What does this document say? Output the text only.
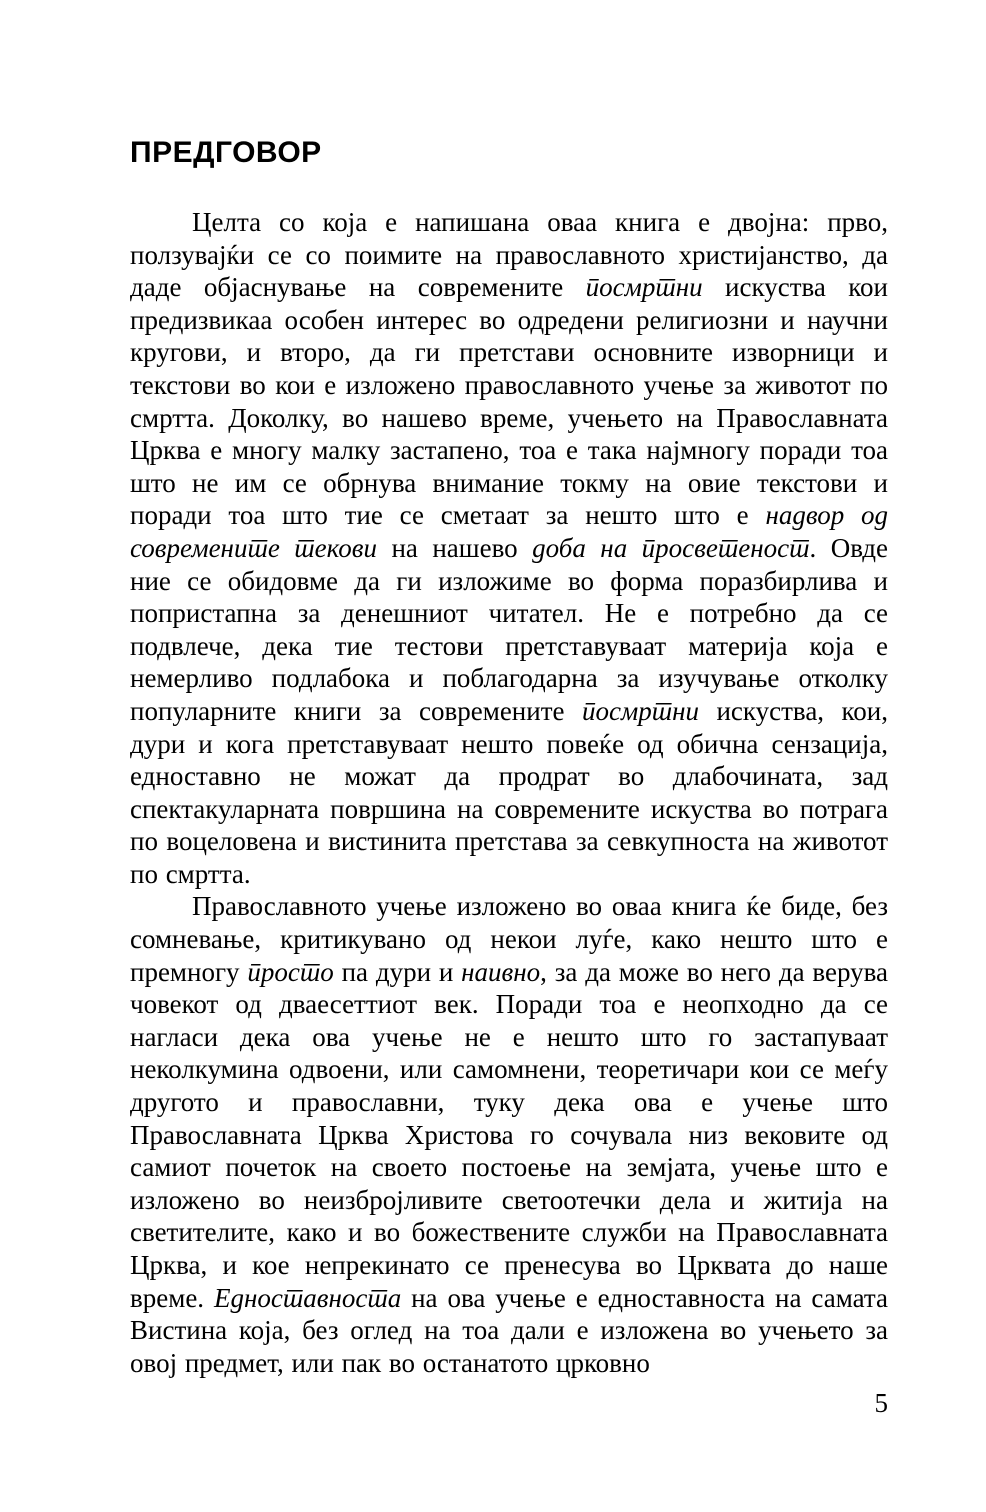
ПРЕДГОВОР

Целта со која е напишана оваа книга е двојна: прво, ползувајќи се со поимите на православното христијанство, да даде објаснување на современите посмртни искуства кои предизвикаа особен интерес во одредени религиозни и научни кругови, и второ, да ги претстави основните изворници и текстови во кои е изложено православното учење за животот по смртта. Доколку, во нашево време, учењето на Православната Црква е многу малку застапено, тоа е така најмногу поради тоа што не им се обрнува внимание токму на овие текстови и поради тоа што тие се сметаат за нешто што е надвор од современите текови на нашево доба на просветеност. Овде ние се обидовме да ги изложиме во форма поразбирлива и попристапна за денешниот читател. Не е потребно да се подвлече, дека тие тестови претставуваат материја која е немерливо подлабока и поблагодарна за изучување отколку популарните книги за современите посмртни искуства, кои, дури и кога претставуваат нешто повеќе од обична сензација, едноставно не можат да продрат во длабочината, зад спектакуларната површина на современите искуства во потрага по воцеловена и вистинита претстава за севкупноста на животот по смртта.

Православното учење изложено во оваа книга ќе биде, без сомневање, критикувано од некои луѓе, како нешто што е премногу просто па дури и наивно, за да може во него да верува човекот од дваесеттиот век. Поради тоа е неопходно да се нагласи дека ова учење не е нешто што го застапуваат неколкумина одвоени, или самомнени, теоретичари кои се меѓу другото и православни, туку дека ова е учење што Православната Црква Христова го сочувала низ вековите од самиот почеток на своето постоење на земјата, учење што е изложено во неизбројливите светоотечки дела и житија на светителите, како и во божествените служби на Православната Црква, и кое непрекинато се пренесува во Црквата до наше време. Едноставноста на ова учење е едноставноста на самата Вистина која, без оглед на тоа дали е изложена во учењето за овој предмет, или пак во останатото црковно

5
